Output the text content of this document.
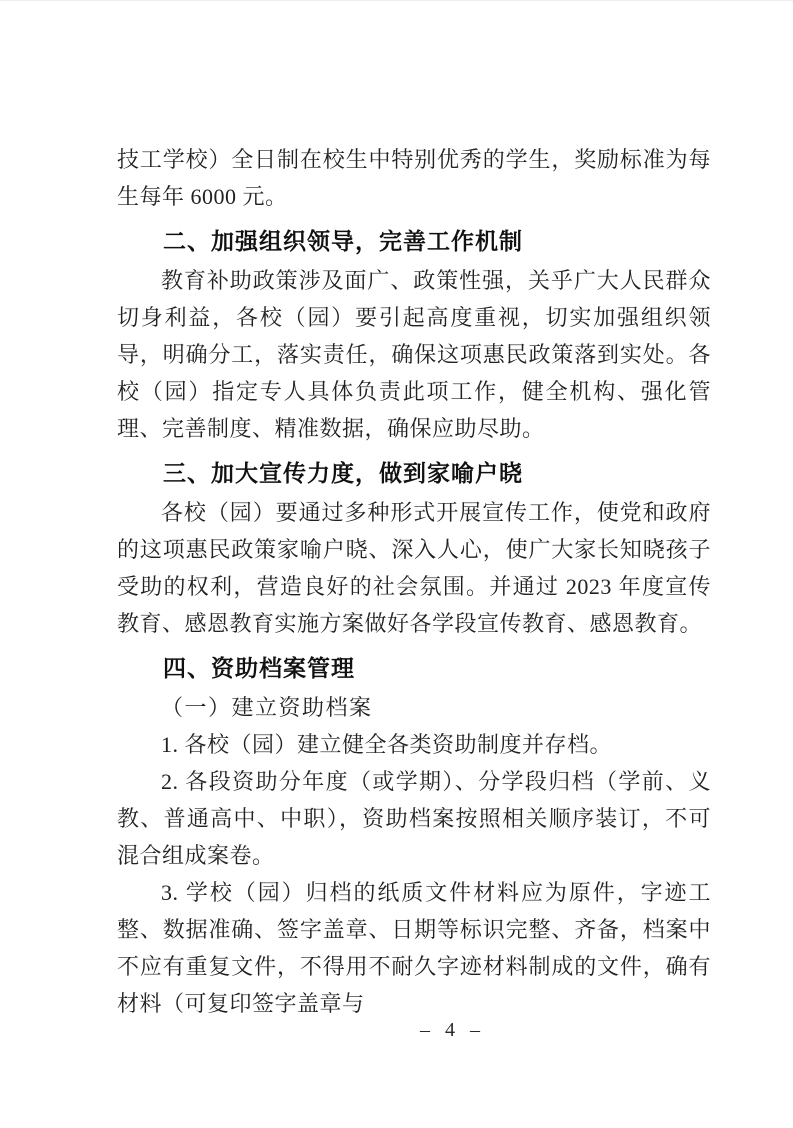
技工学校）全日制在校生中特别优秀的学生，奖励标准为每生每年 6000 元。

二、加强组织领导，完善工作机制

教育补助政策涉及面广、政策性强，关乎广大人民群众切身利益，各校（园）要引起高度重视，切实加强组织领导，明确分工，落实责任，确保这项惠民政策落到实处。各校（园）指定专人具体负责此项工作，健全机构、强化管理、完善制度、精准数据，确保应助尽助。

三、加大宣传力度，做到家喻户晓

各校（园）要通过多种形式开展宣传工作，使党和政府的这项惠民政策家喻户晓、深入人心，使广大家长知晓孩子受助的权利，营造良好的社会氛围。并通过 2023 年度宣传教育、感恩教育实施方案做好各学段宣传教育、感恩教育。

四、资助档案管理

（一）建立资助档案

1. 各校（园）建立健全各类资助制度并存档。

2. 各段资助分年度（或学期）、分学段归档（学前、义教、普通高中、中职），资助档案按照相关顺序装订，不可混合组成案卷。

3. 学校（园）归档的纸质文件材料应为原件，字迹工整、数据准确、签字盖章、日期等标识完整、齐备，档案中不应有重复文件，不得用不耐久字迹材料制成的文件，确有材料（可复印签字盖章与

– 4 –
